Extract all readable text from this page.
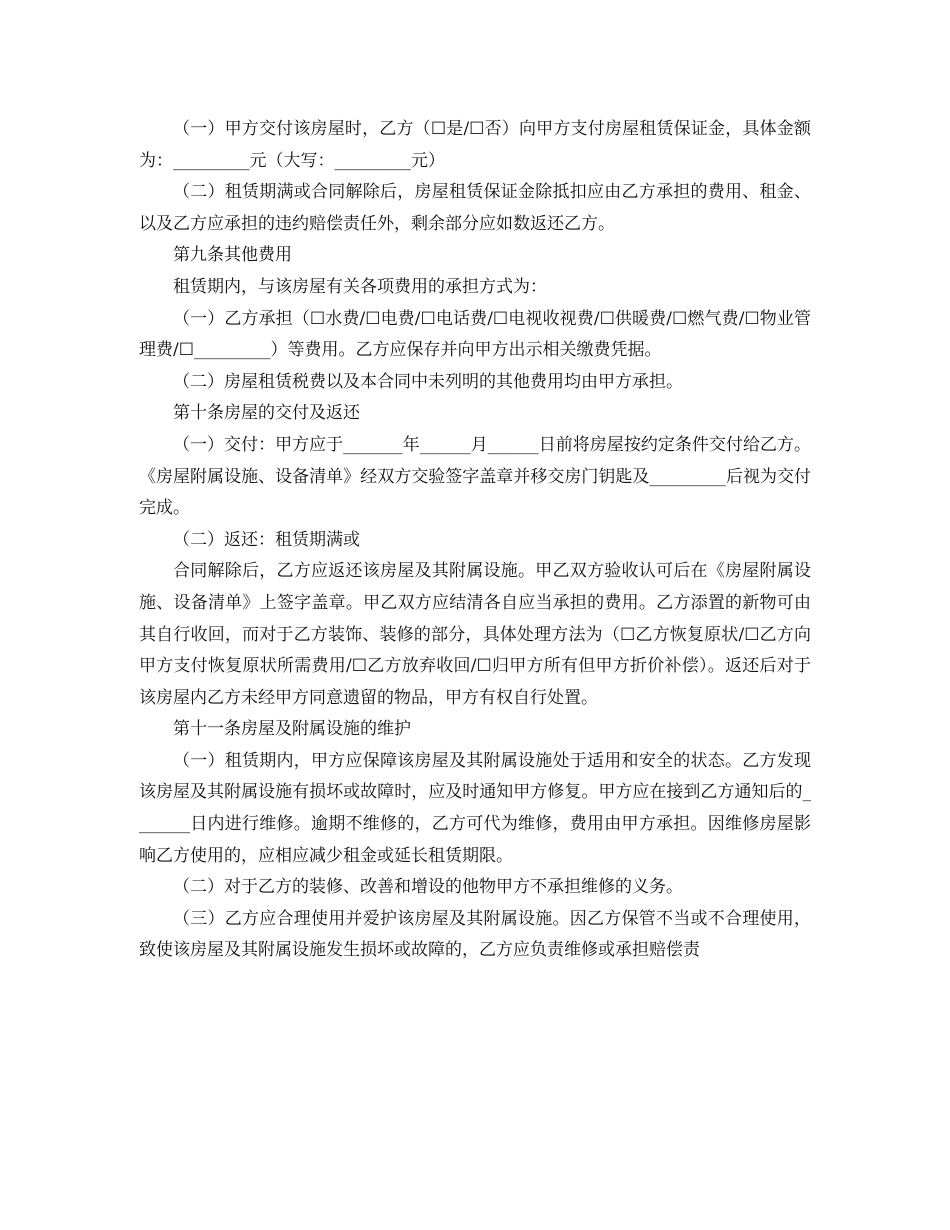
（一）甲方交付该房屋时，乙方（☐是/☐否）向甲方支付房屋租赁保证金，具体金额为：_________元（大写：_________元）

（二）租赁期满或合同解除后，房屋租赁保证金除抵扣应由乙方承担的费用、租金、以及乙方应承担的违约赔偿责任外，剩余部分应如数返还乙方。

第九条其他费用

租赁期内，与该房屋有关各项费用的承担方式为：

（一）乙方承担（☐水费/☐电费/☐电话费/☐电视收视费/☐供暖费/☐燃气费/☐物业管理费/☐_________）等费用。乙方应保存并向甲方出示相关缴费凭据。

（二）房屋租赁税费以及本合同中未列明的其他费用均由甲方承担。

第十条房屋的交付及返还

（一）交付：甲方应于_______年______月______日前将房屋按约定条件交付给乙方。《房屋附属设施、设备清单》经双方交验签字盖章并移交房门钥匙及_________后视为交付完成。

（二）返还：租赁期满或

合同解除后，乙方应返还该房屋及其附属设施。甲乙双方验收认可后在《房屋附属设施、设备清单》上签字盖章。甲乙双方应结清各自应当承担的费用。乙方添置的新物可由其自行收回，而对于乙方装饰、装修的部分，具体处理方法为（☐乙方恢复原状/☐乙方向甲方支付恢复原状所需费用/☐乙方放弃收回/☐归甲方所有但甲方折价补偿）。返还后对于该房屋内乙方未经甲方同意遗留的物品，甲方有权自行处置。

第十一条房屋及附属设施的维护

（一）租赁期内，甲方应保障该房屋及其附属设施处于适用和安全的状态。乙方发现该房屋及其附属设施有损坏或故障时，应及时通知甲方修复。甲方应在接到乙方通知后的_______日内进行维修。逾期不维修的，乙方可代为维修，费用由甲方承担。因维修房屋影响乙方使用的，应相应减少租金或延长租赁期限。

（二）对于乙方的装修、改善和增设的他物甲方不承担维修的义务。

（三）乙方应合理使用并爱护该房屋及其附属设施。因乙方保管不当或不合理使用，致使该房屋及其附属设施发生损坏或故障的，乙方应负责维修或承担赔偿责
